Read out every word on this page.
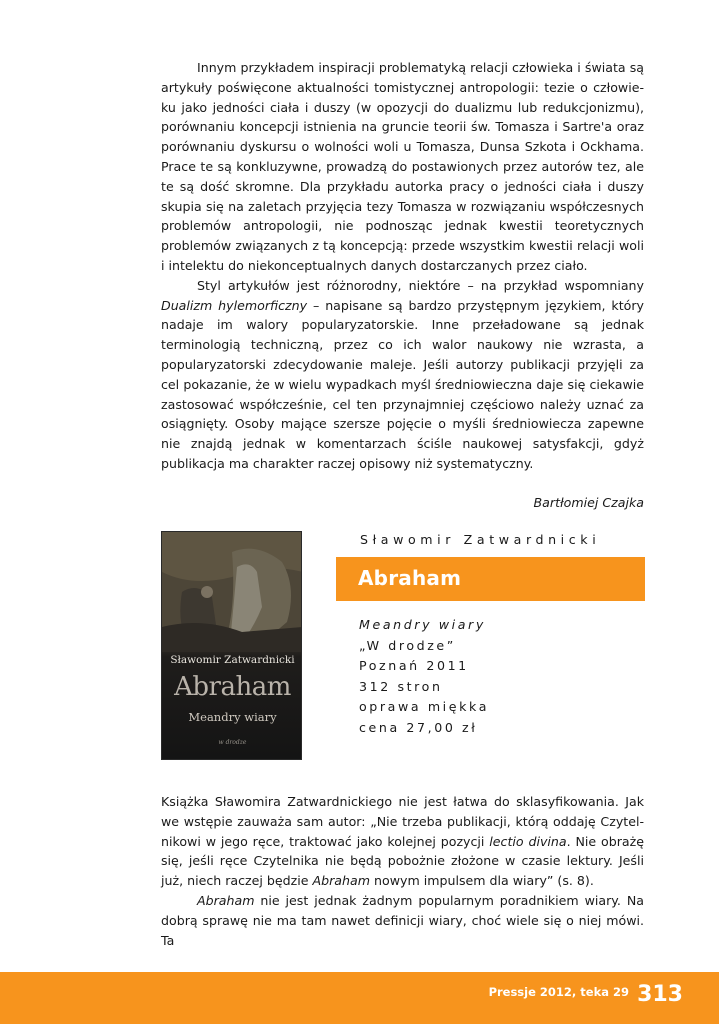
Innym przykładem inspiracji problematyką relacji człowieka i świata są artykuły poświęcone aktualności tomistycznej antropologii: tezie o człowieku jako jedności ciała i duszy (w opozycji do dualizmu lub redukcjonizmu), porównaniu koncepcji istnienia na gruncie teorii św. Tomasza i Sartre'a oraz porównaniu dyskursu o wolności woli u Tomasza, Dunsa Szkota i Ockhama. Prace te są konkluzywne, prowadzą do postawionych przez autorów tez, ale te są dość skromne. Dla przykładu autorka pracy o jedności ciała i duszy skupia się na zaletach przyjęcia tezy Tomasza w rozwiązaniu współczesnych problemów antropologii, nie podnosząc jednak kwestii teoretycznych problemów związanych z tą koncepcją: przede wszystkim kwestii relacji woli i intelektu do niekonceptualnych danych dostarczanych przez ciało.

Styl artykułów jest różnorodny, niektóre – na przykład wspomniany Dualizm hylemorficzny – napisane są bardzo przystępnym językiem, który nadaje im walory popularyzatorskie. Inne przeładowane są jednak terminologią techniczną, przez co ich walor naukowy nie wzrasta, a popularyzatorski zdecydowanie maleje. Jeśli autorzy publikacji przyjęli za cel pokazanie, że w wielu wypadkach myśl średniowieczna daje się ciekawie zastosować współcześnie, cel ten przynajmniej częściowo należy uznać za osiągnięty. Osoby mające szersze pojęcie o myśli średniowiecza zapewne nie znajdą jednak w komentarzach ściśle naukowej satysfakcji, gdyż publikacja ma charakter raczej opisowy niż systematyczny.

Bartłomiej Czajka
Sławomir Zatwardnicki
Abraham
Meandry wiary
w drodze
Sławomir Zatwardnicki
Abraham
Meandry wiary
„W drodze”
Poznań 2011
312 stron
oprawa miękka
cena 27,00 zł

Książka Sławomira Zatwardnickiego nie jest łatwa do sklasyfikowania. Jak we wstępie zauważa sam autor: „Nie trzeba publikacji, którą oddaję Czytelnikowi w jego ręce, traktować jako kolejnej pozycji lectio divina. Nie obrażę się, jeśli ręce Czytelnika nie będą pobożnie złożone w czasie lektury. Jeśli już, niech raczej będzie Abraham nowym impulsem dla wiary” (s. 8).

Abraham nie jest jednak żadnym popularnym poradnikiem wiary. Na dobrą sprawę nie ma tam nawet definicji wiary, choć wiele się o niej mówi. Ta

Pressje 2012, teka 29 313
